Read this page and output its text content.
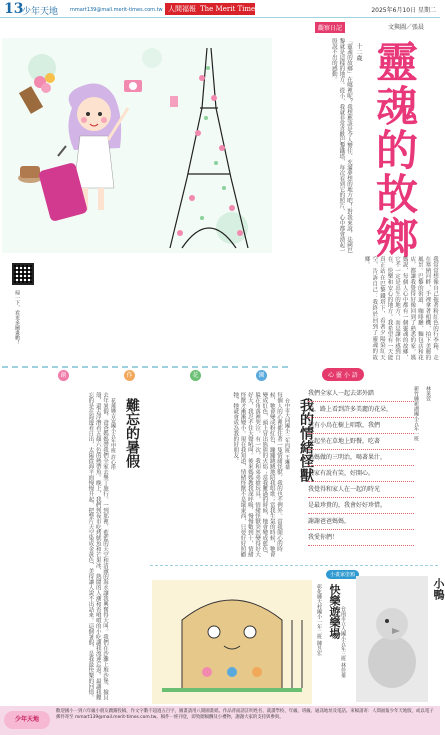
13
少年天地 mmart139@mail.merit-times.com.tw 人間福報 The Merit Times	2025年6月10日 星期二
觀察日記	文與圖／張晨
靈魂的故鄉
十二歲
「靈魂的故鄉」在哪裡呢？我想應該是令人嚮往、充滿夢想的地方吧！對我來說，法國巴黎就是這樣的地方。從小，我就非常喜歡巴黎鐵塔，每次看到它的照片，心中都會湧起一股說不出的感動。
我常常想像自己拖著粉紅色的行李箱，走在塞納河畔，手裡拿著相機，拍下美麗的風景。巴黎的街道、咖啡廳、麵包店和花店，都讓我覺得好像回到了熟悉的家。媽媽說，每個人心中都有一個靈魂的故鄉，它不一定是出生的地方，而是讓你感到自在、快樂和安心的地方。我希望有一天能真正站在巴黎鐵塔下，看著夕陽染紅天空，告訴自己：我終於回到了靈魂的故鄉。
掃一下，看更多圖畫喲！
創	作	花	園
我的情緒怪獸
台中市大同國小三年四班 王琳蒨
每個人的心裡都住著一隻情緒怪獸，我的也不例外。當我開心的時候，牠會變成粉紅色，蹦蹦跳跳地陪我唱歌；當我生氣的時候，牠會變成紅色，頭上冒出熊熊的火焰；當我難過的時候，牠會變成藍色，躲在角落裡哭泣。有一次，我和弟弟搶玩具，情緒怪獸突然變得好大好大，我忍不住大聲吼叫。後來媽媽教我深呼吸，慢慢數到十，情緒怪獸才漸漸變小。現在我知道，情緒怪獸不是壞東西，只要好好照顧牠，牠就會成為我的好朋友。
難忘的暑假
花蓮縣吉安國小五年甲班 許心彤
去年暑假，爸爸媽媽帶我們全家去墾丁旅行。一到那裡，藍藍的天空和清澈的海水讓我興奮得大叫。我們在沙灘上堆沙堡、撿貝殼，還去浮潛看五顏六色的熱帶魚。晚上，我們到夜市吃烤魷魚和芒果冰，熱鬧的人潮和香噴噴的小吃讓我流連忘返。最讓我難忘的是在海邊看日出，太陽從海平面慢慢升起，把整片天空染成金黃色，美得讓人說不出話來。這個暑假，是我最快樂的回憶。
心 靈 小 語
林采萱
新竹縣新湖國小五年一班
我們全家人一起去郊外踏
青，路上看到許多美麗的花朵，
還有小鳥在樹上唱歌，我們
一起坐在草地上野餐，吃著
媽媽做的三明治，喝著果汁，
大家有說有笑，好開心。
我覺得和家人在一起的時光
是最珍貴的，我會好好珍惜。
謝謝爸爸媽媽，
我愛你們！
小畫家塗鴉
快樂遊樂場
彰化縣大村國小一年二班 陳昱宏	小鴨
台南市立人國小五年三班 林佳蓁
少年天地
歡迎國小一到六年級小朋友踴躍投稿，作文字數不超過五百字，圖畫請用八開圖畫紙。作品背面請註明姓名、就讀學校、年級、班級、通訊地址及電話。來稿請寄：人間福報少年天地版，或以電子郵件寄至 mmart139@mail.merit-times.com.tw。稿件一經刊登，即致贈稿酬及小禮物，謝謝大家的支持與參與。
